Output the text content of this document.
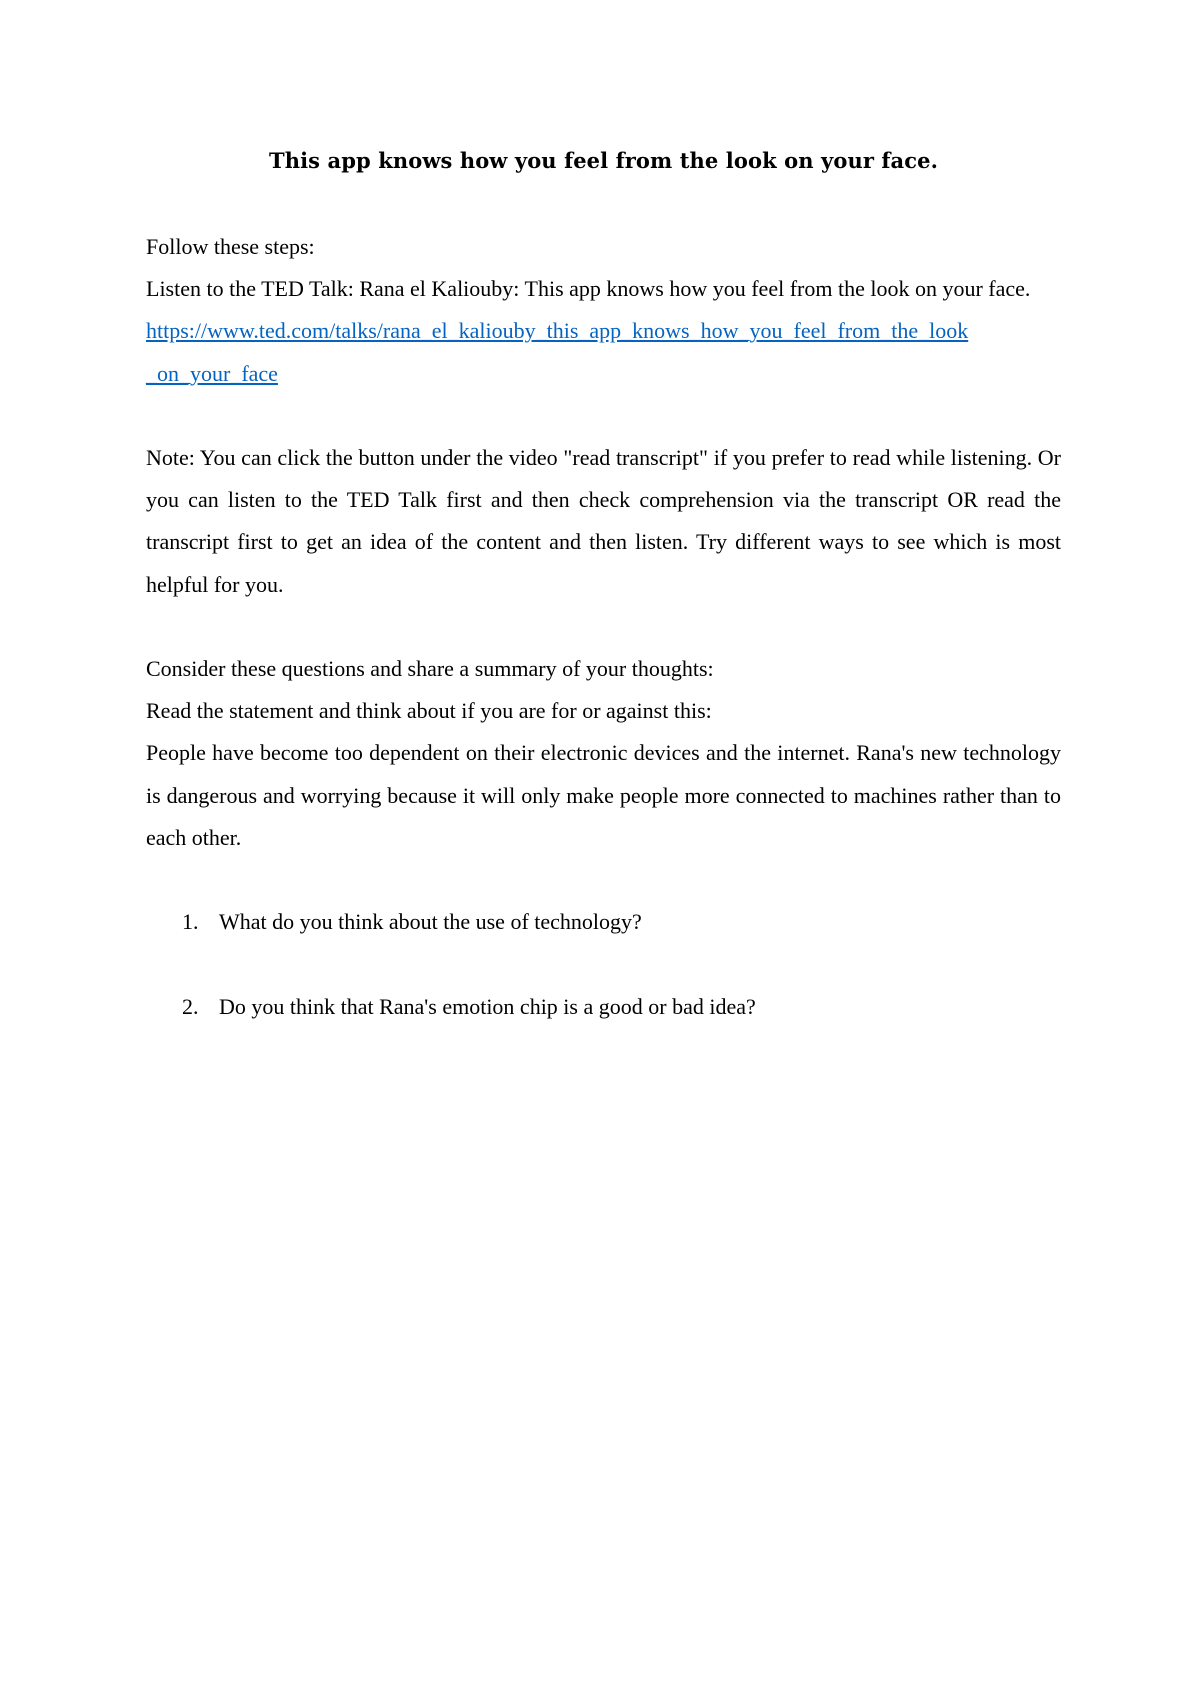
This app knows how you feel from the look on your face.

Follow these steps:

Listen to the TED Talk: Rana el Kaliouby: This app knows how you feel from the look on your face.

https://www.ted.com/talks/rana_el_kaliouby_this_app_knows_how_you_feel_from_the_look
_on_your_face

Note: You can click the button under the video "read transcript" if you prefer to read while listening. Or you can listen to the TED Talk first and then check comprehension via the transcript OR read the transcript first to get an idea of the content and then listen. Try different ways to see which is most helpful for you.

Consider these questions and share a summary of your thoughts:

Read the statement and think about if you are for or against this:

People have become too dependent on their electronic devices and the internet. Rana's new technology is dangerous and worrying because it will only make people more connected to machines rather than to each other.

1. What do you think about the use of technology?
2. Do you think that Rana's emotion chip is a good or bad idea?
